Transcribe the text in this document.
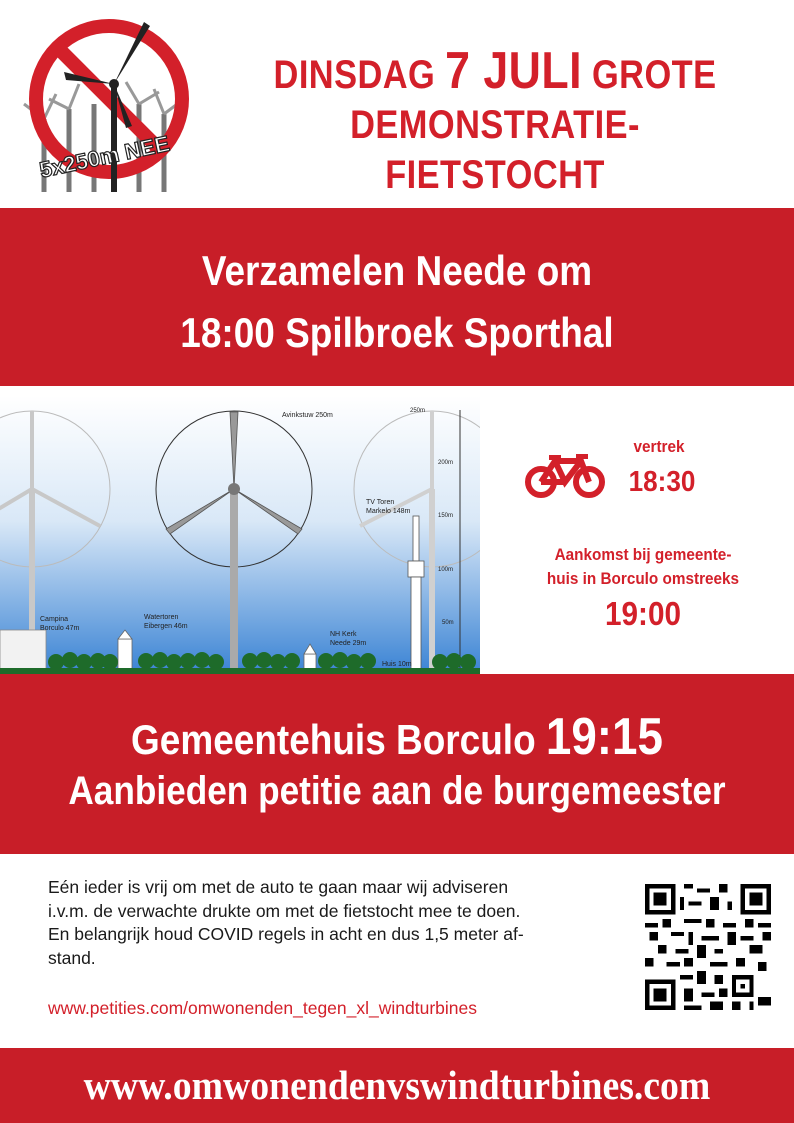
5x250m NEE
DINSDAG 7 JULI GROTE
DEMONSTRATIE-FIETSTOCHT
Verzamelen Neede om
18:00 Spilbroek Sporthal
Avinkstuw 250m
TV Toren
Markelo 148m
250m
200m
150m
100m
50m
Campina
Borculo 47m
Watertoren
Eibergen 46m
NH Kerk
Neede 29m
Huis 10m
vertrek
18:30
Aankomst bij gemeente-
huis in Borculo omstreeks
19:00
Gemeentehuis Borculo 19:15
Aanbieden petitie aan de burgemeester
Eén ieder is vrij om met de auto te gaan maar wij adviseren
i.v.m. de verwachte drukte om met de fietstocht mee te doen.
En belangrijk houd COVID regels in acht en dus 1,5 meter af-
stand.
www.petities.com/omwonenden_tegen_xl_windturbines
www.omwonendenvswindturbines.com
